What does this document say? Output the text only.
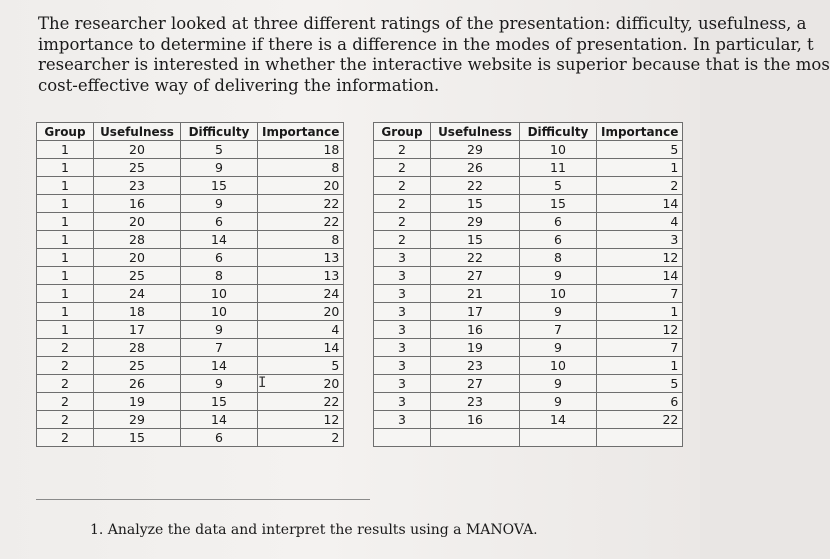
The researcher looked at three different ratings of the presentation: difficulty, usefulness, a
importance to determine if there is a difference in the modes of presentation. In particular, t
researcher is interested in whether the interactive website is superior because that is the mos
cost-effective way of delivering the information.
Group	Usefulness	Difficulty	Importance
1	20	5	18
1	25	9	8
1	23	15	20
1	16	9	22
1	20	6	22
1	28	14	8
1	20	6	13
1	25	8	13
1	24	10	24
1	18	10	20
1	17	9	4
2	28	7	14
2	25	14	5
2	26	9	20
2	19	15	22
2	29	14	12
2	15	6	2
Group	Usefulness	Difficulty	Importance
2	29	10	5
2	26	11	1
2	22	5	2
2	15	15	14
2	29	6	4
2	15	6	3
3	22	8	12
3	27	9	14
3	21	10	7
3	17	9	1
3	16	7	12
3	19	9	7
3	23	10	1
3	27	9	5
3	23	9	6
3	16	14	22

I
1. Analyze the data and interpret the results using a MANOVA.
